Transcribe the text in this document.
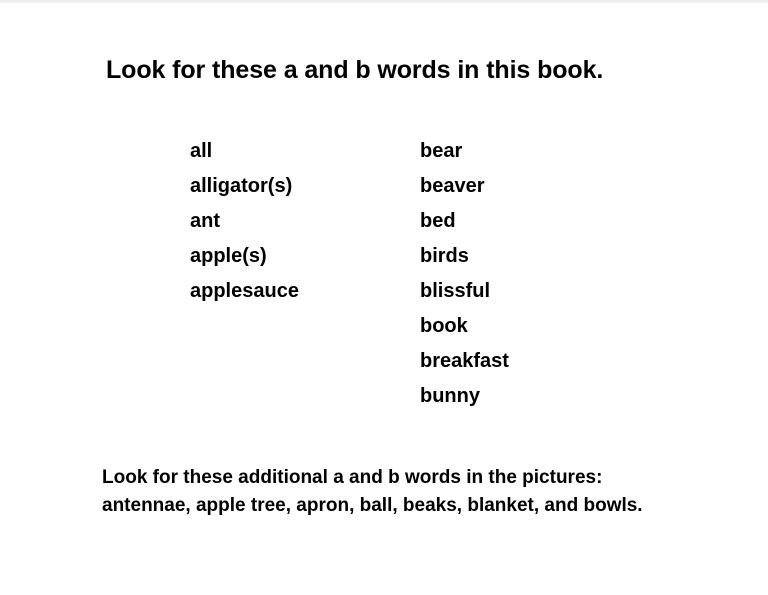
Look for these a and b words in this book.
all
alligator(s)
ant
apple(s)
applesauce
bear
beaver
bed
birds
blissful
book
breakfast
bunny
Look for these additional a and b words in the pictures: antennae, apple tree, apron, ball, beaks, blanket, and bowls.
